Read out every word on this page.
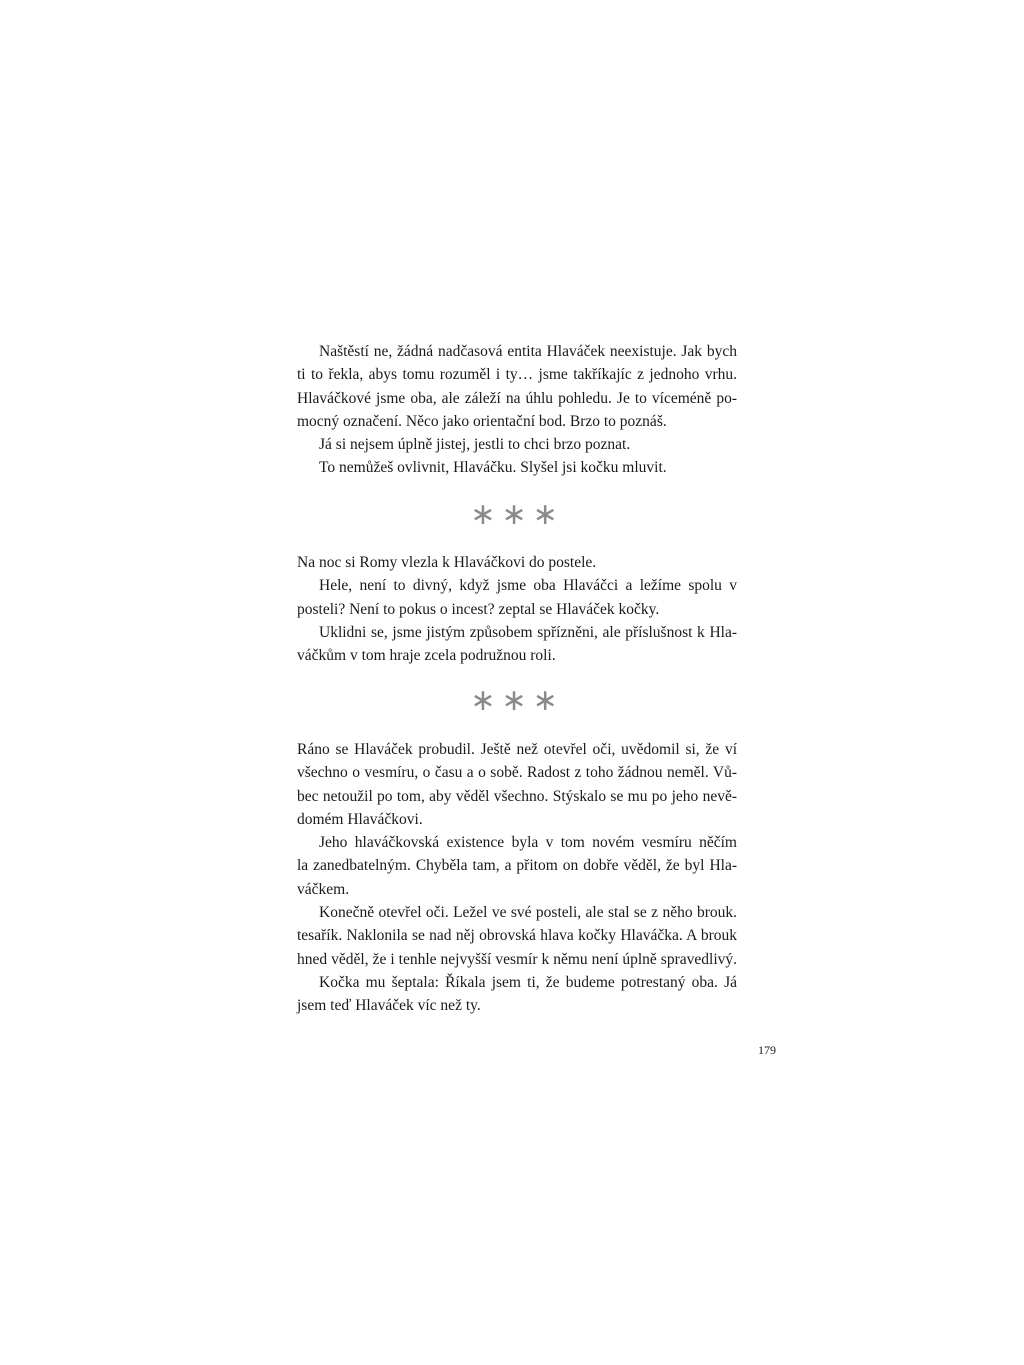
Naštěstí ne, žádná nadčasová entita Hlaváček neexistuje. Jak bych
ti to řekla, abys tomu rozuměl i ty… jsme takříkajíc z jednoho vrhu.
Hlaváčkové jsme oba, ale záleží na úhlu pohledu. Je to víceméně po-
mocný označení. Něco jako orientační bod. Brzo to poznáš.
Já si nejsem úplně jistej, jestli to chci brzo poznat.
To nemůžeš ovlivnit, Hlaváčku. Slyšel jsi kočku mluvit.
∗∗∗
Na noc si Romy vlezla k Hlaváčkovi do postele.
Hele, není to divný, když jsme oba Hlaváčci a ležíme spolu v
posteli? Není to pokus o incest? zeptal se Hlaváček kočky.
Uklidni se, jsme jistým způsobem spřízněni, ale příslušnost k Hla-
váčkům v tom hraje zcela podružnou roli.
∗∗∗
Ráno se Hlaváček probudil. Ještě než otevřel oči, uvědomil si, že ví
všechno o vesmíru, o času a o sobě. Radost z toho žádnou neměl. Vů-
bec netoužil po tom, aby věděl všechno. Stýskalo se mu po jeho nevě-
domém Hlaváčkovi.
Jeho hlaváčkovská existence byla v tom novém vesmíru něčím
la zanedbatelným. Chyběla tam, a přitom on dobře věděl, že byl Hla-
váčkem.
Konečně otevřel oči. Ležel ve své posteli, ale stal se z něho brouk.
tesařík. Naklonila se nad něj obrovská hlava kočky Hlaváčka. A brouk
hned věděl, že i tenhle nejvyšší vesmír k němu není úplně spravedlivý.
Kočka mu šeptala: Říkala jsem ti, že budeme potrestaný oba. Já
jsem teď Hlaváček víc než ty.
179
